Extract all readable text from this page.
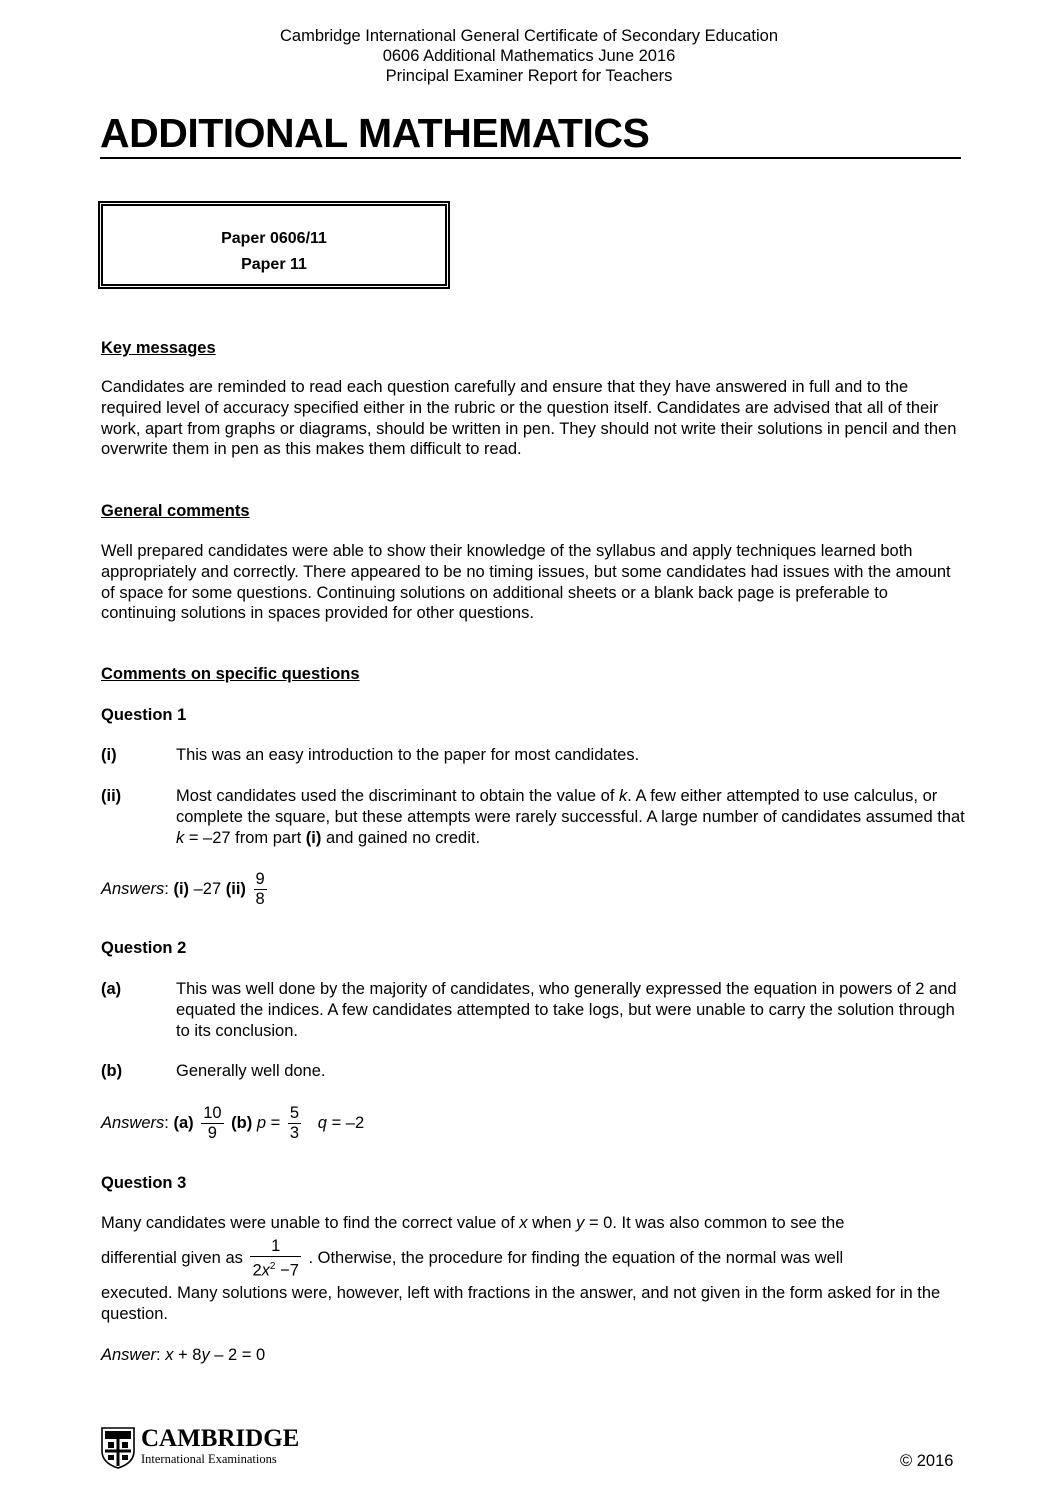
Cambridge International General Certificate of Secondary Education
0606 Additional Mathematics June 2016
Principal Examiner Report for Teachers
ADDITIONAL MATHEMATICS
Paper 0606/11
Paper 11
Key messages
Candidates are reminded to read each question carefully and ensure that they have answered in full and to the required level of accuracy specified either in the rubric or the question itself. Candidates are advised that all of their work, apart from graphs or diagrams, should be written in pen. They should not write their solutions in pencil and then overwrite them in pen as this makes them difficult to read.
General comments
Well prepared candidates were able to show their knowledge of the syllabus and apply techniques learned both appropriately and correctly. There appeared to be no timing issues, but some candidates had issues with the amount of space for some questions. Continuing solutions on additional sheets or a blank back page is preferable to continuing solutions in spaces provided for other questions.
Comments on specific questions
Question 1
(i)	This was an easy introduction to the paper for most candidates.
(ii)	Most candidates used the discriminant to obtain the value of k. A few either attempted to use calculus, or complete the square, but these attempts were rarely successful. A large number of candidates assumed that k = –27 from part (i) and gained no credit.
Answers: (i) –27 $(ii) \frac{9}{8}$
Question 2
(a)	This was well done by the majority of candidates, who generally expressed the equation in powers of 2 and equated the indices. A few candidates attempted to take logs, but were unable to carry the solution through to its conclusion.
(b)	Generally well done.
Answers: $(a) \frac{10}{9} (b) p = \frac{5}{3}$ q = –2
Question 3
Many candidates were unable to find the correct value of x when y = 0. It was also common to see the
differential given as $\frac{1}{2x^2 -7}$ . Otherwise, the procedure for finding the equation of the normal was well
executed. Many solutions were, however, left with fractions in the answer, and not given in the form asked for in the question.
Answer: x + 8y – 2 = 0
CAMBRIDGE
International Examinations	© 2016
